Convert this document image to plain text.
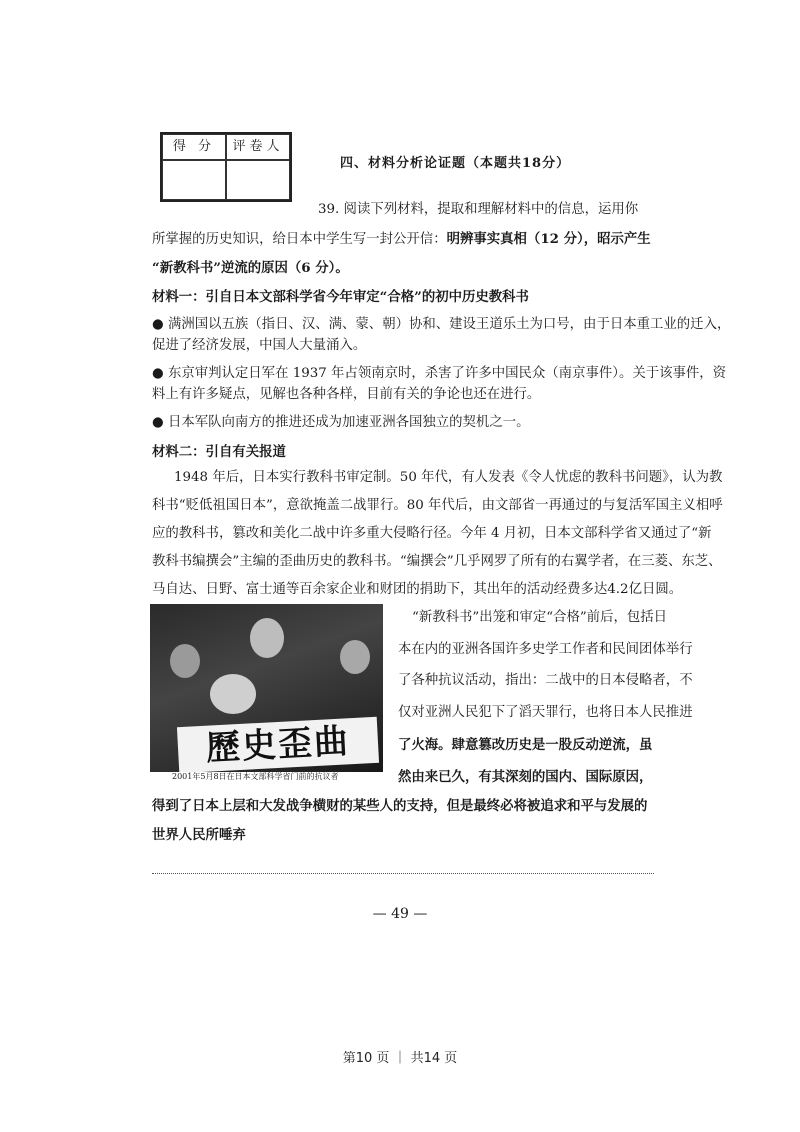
得 分	评卷人
四、材料分析论证题（本题共18分）
39. 阅读下列材料，提取和理解材料中的信息，运用你
所掌握的历史知识，给日本中学生写一封公开信：明辨事实真相（12 分），昭示产生
“新教科书”逆流的原因（6 分）。
材料一：引自日本文部科学省今年审定“合格”的初中历史教科书
● 满洲国以五族（指日、汉、满、蒙、朝）协和、建设王道乐土为口号，由于日本重工业的迁入，
促进了经济发展，中国人大量涌入。
● 东京审判认定日军在 1937 年占领南京时，杀害了许多中国民众（南京事件）。关于该事件，资
料上有许多疑点，见解也各种各样，目前有关的争论也还在进行。
● 日本军队向南方的推进还成为加速亚洲各国独立的契机之一。
材料二：引自有关报道
1948 年后，日本实行教科书审定制。50 年代，有人发表《令人忧虑的教科书问题》，认为教
科书“贬低祖国日本”，意欲掩盖二战罪行。80 年代后，由文部省一再通过的与复活军国主义相呼
应的教科书，篡改和美化二战中许多重大侵略行径。今年 4 月初，日本文部科学省又通过了“新
教科书编撰会”主编的歪曲历史的教科书。“编撰会”几乎网罗了所有的右翼学者，在三菱、东芝、
马自达、日野、富士通等百余家企业和财团的捐助下，其出年的活动经费多达4.2亿日圆。
歷史歪曲
2001年5月8日在日本文部科学省门前的抗议者
“新教科书”出笼和审定“合格”前后，包括日
本在内的亚洲各国许多史学工作者和民间团体举行
了各种抗议活动，指出：二战中的日本侵略者，不
仅对亚洲人民犯下了滔天罪行，也将日本人民推进
了火海。肆意篡改历史是一股反动逆流，虽
然由来已久，有其深刻的国内、国际原因，
得到了日本上层和大发战争横财的某些人的支持，但是最终必将被追求和平与发展的
世界人民所唾弃
— 49 —
第10 页 ｜ 共14 页
